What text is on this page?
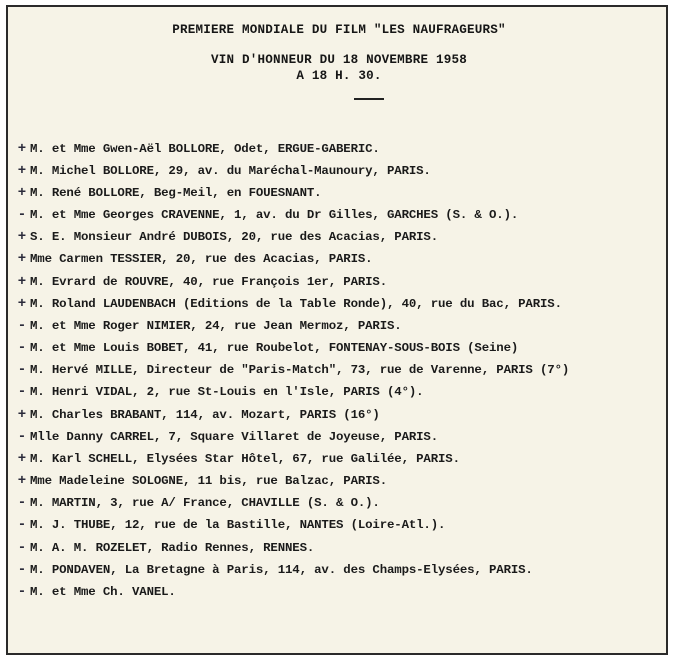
PREMIERE MONDIALE DU FILM "LES NAUFRAGEURS"
VIN D'HONNEUR DU 18 NOVEMBRE 1958
A 18 H. 30.
+ M. et Mme Gwen-Aël BOLLORE, Odet, ERGUE-GABERIC.
+ M. Michel BOLLORE, 29, av. du Maréchal-Maunoury, PARIS.
+ M. René BOLLORE, Beg-Meil, en FOUESNANT.
- M. et Mme Georges CRAVENNE, 1, av. du Dr Gilles, GARCHES (S. & O.).
+ S. E. Monsieur André DUBOIS, 20, rue des Acacias, PARIS.
+ Mme Carmen TESSIER, 20, rue des Acacias, PARIS.
+ M. Evrard de ROUVRE, 40, rue François 1er, PARIS.
+ M. Roland LAUDENBACH (Editions de la Table Ronde), 40, rue du Bac, PARIS.
- M. et Mme Roger NIMIER, 24, rue Jean Mermoz, PARIS.
- M. et Mme Louis BOBET, 41, rue Roubelot, FONTENAY-SOUS-BOIS (Seine)
- M. Hervé MILLE, Directeur de "Paris-Match", 73, rue de Varenne, PARIS (7°)
- M. Henri VIDAL, 2, rue St-Louis en l'Isle, PARIS (4°).
+ M. Charles BRABANT, 114, av. Mozart, PARIS (16°)
- Mlle Danny CARREL, 7, Square Villaret de Joyeuse, PARIS.
+ M. Karl SCHELL, Elysées Star Hôtel, 67, rue Galilée, PARIS.
+ Mme Madeleine SOLOGNE, 11 bis, rue Balzac, PARIS.
- M. MARTIN, 3, rue A/ France, CHAVILLE (S. & O.).
- M. J. THUBE, 12, rue de la Bastille, NANTES (Loire-Atl.).
- M. A. M. ROZELET, Radio Rennes, RENNES.
- M. PONDAVEN, La Bretagne à Paris, 114, av. des Champs-Elysées, PARIS.
- M. et Mme Ch. VANEL.
